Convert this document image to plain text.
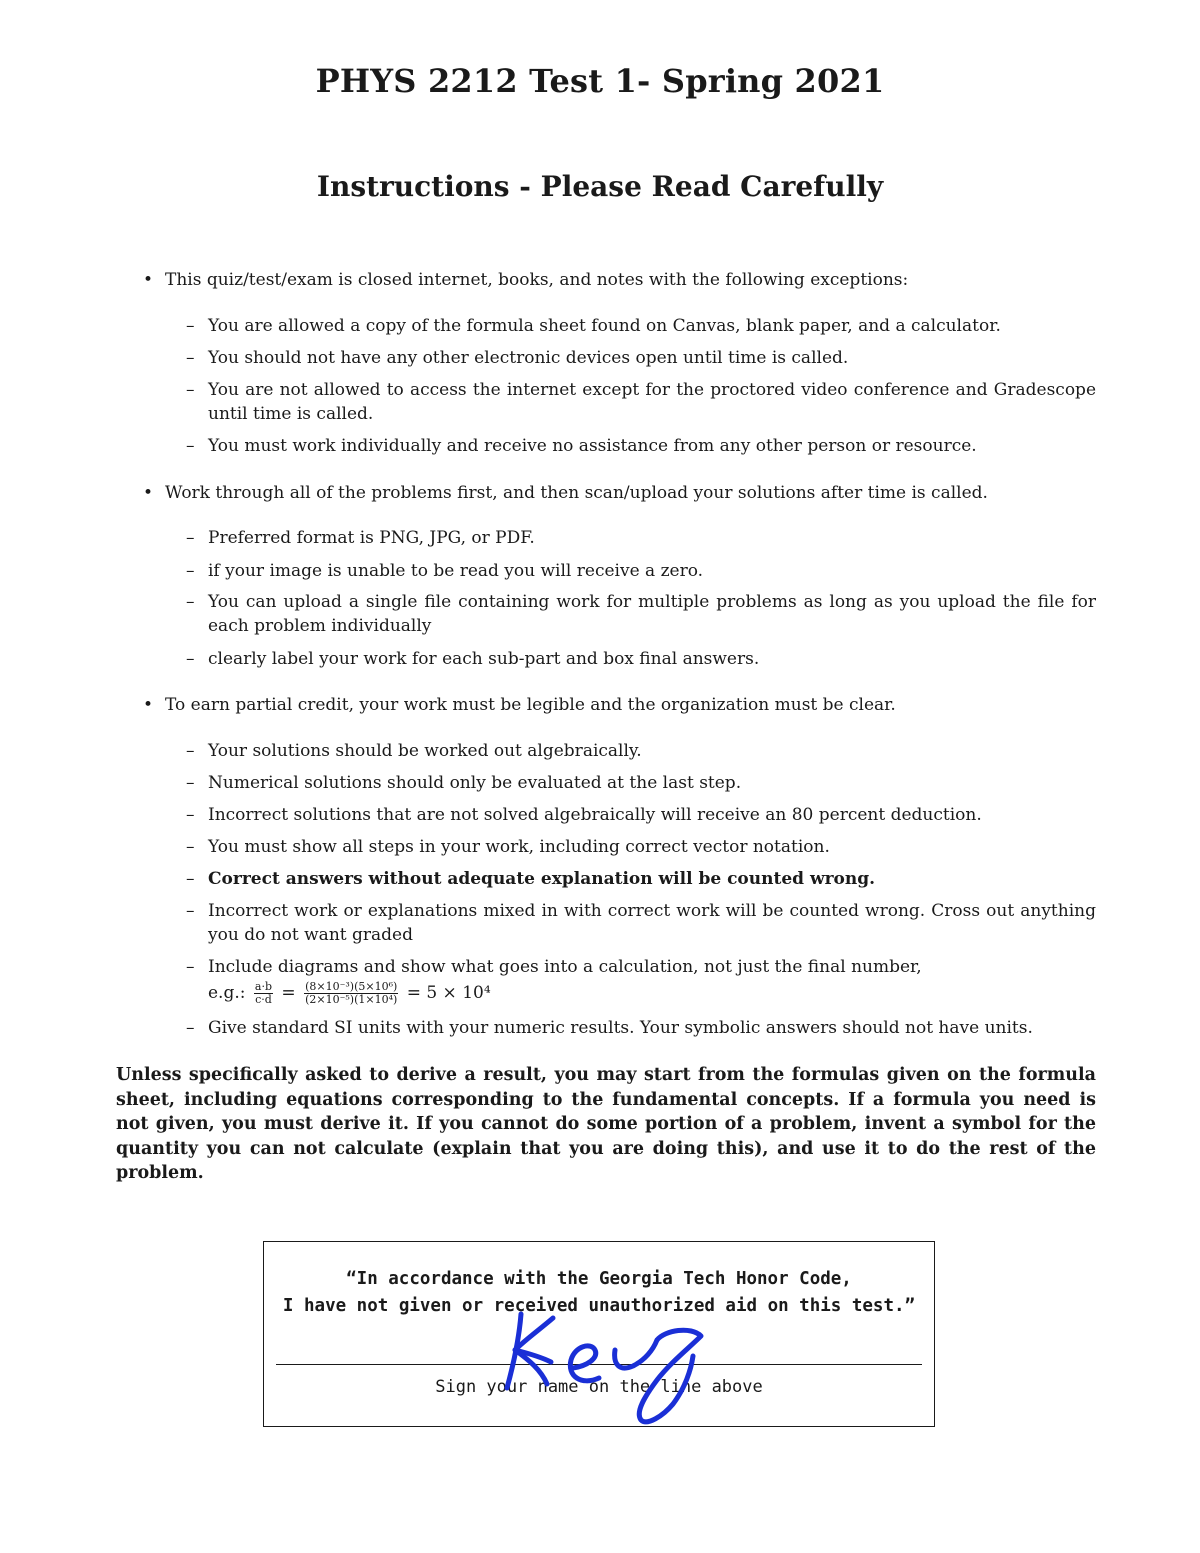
PHYS 2212 Test 1- Spring 2021
Instructions - Please Read Carefully
• This quiz/test/exam is closed internet, books, and notes with the following exceptions:

– You are allowed a copy of the formula sheet found on Canvas, blank paper, and a calculator.

– You should not have any other electronic devices open until time is called.

– You are not allowed to access the internet except for the proctored video conference and Gradescope until time is called.

– You must work individually and receive no assistance from any other person or resource.

• Work through all of the problems first, and then scan/upload your solutions after time is called.

– Preferred format is PNG, JPG, or PDF.

– if your image is unable to be read you will receive a zero.

– You can upload a single file containing work for multiple problems as long as you upload the file for each problem individually

– clearly label your work for each sub-part and box final answers.

• To earn partial credit, your work must be legible and the organization must be clear.

– Your solutions should be worked out algebraically.

– Numerical solutions should only be evaluated at the last step.

– Incorrect solutions that are not solved algebraically will receive an 80 percent deduction.

– You must show all steps in your work, including correct vector notation.

– Correct answers without adequate explanation will be counted wrong.

– Incorrect work or explanations mixed in with correct work will be counted wrong. Cross out anything you do not want graded

– Include diagrams and show what goes into a calculation, not just the final number,

e.g.: $\frac{a\cdot b}{c\cdot d} = \frac{\text{(8×10⁻³)(5×10⁶)}}{\text{(2×10⁻⁵)(1×10⁴)}} = 5 \times 10^4$
– Give standard SI units with your numeric results. Your symbolic answers should not have units.

Unless specifically asked to derive a result, you may start from the formulas given on the formula sheet, including equations corresponding to the fundamental concepts. If a formula you need is not given, you must derive it. If you cannot do some portion of a problem, invent a symbol for the quantity you can not calculate (explain that you are doing this), and use it to do the rest of the problem.

“In accordance with the Georgia Tech Honor Code,
I have not given or received unauthorized aid on this test.”
Sign your name on the line above
